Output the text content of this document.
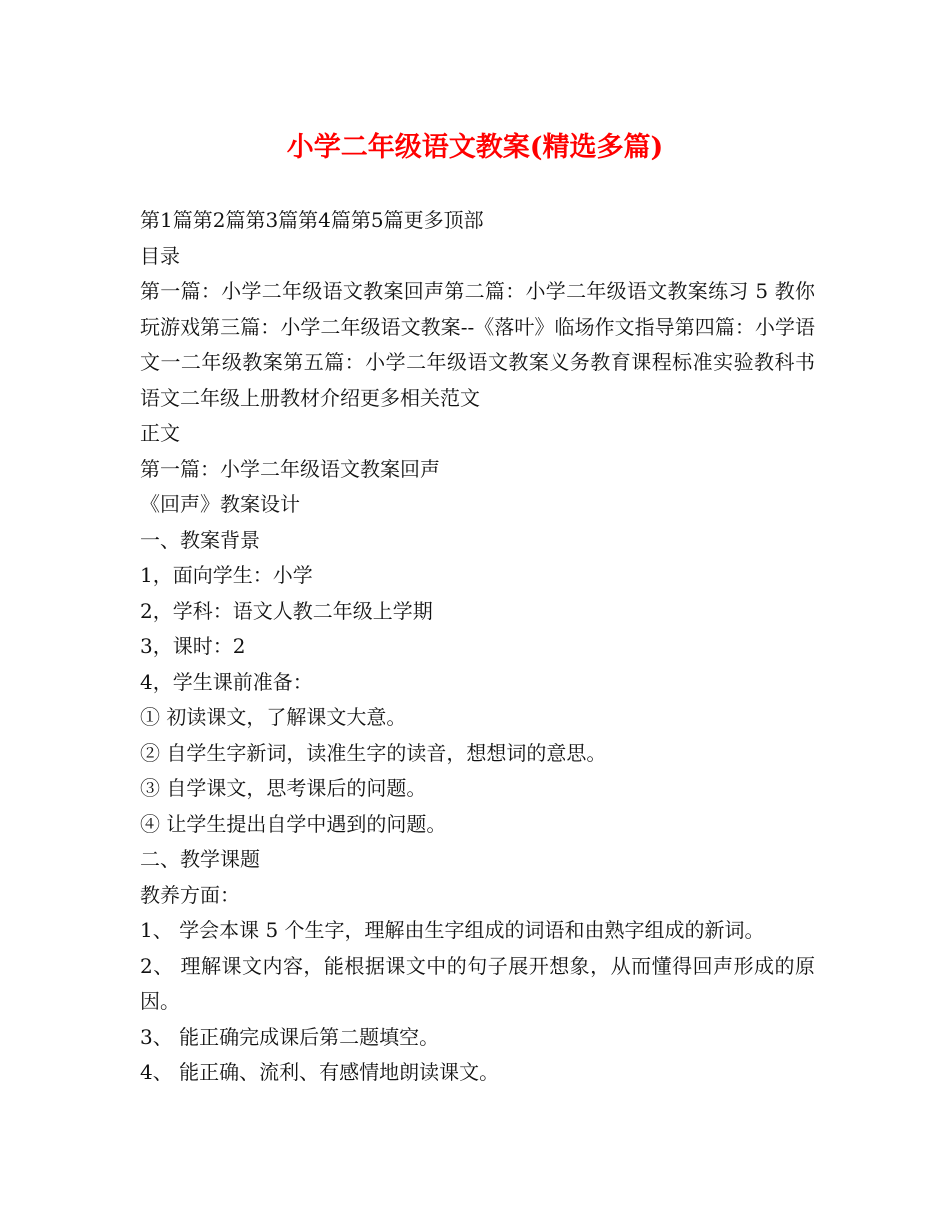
小学二年级语文教案(精选多篇)

第1篇第2篇第3篇第4篇第5篇更多顶部

目录

第一篇：小学二年级语文教案回声第二篇：小学二年级语文教案练习 5 教你玩游戏第三篇：小学二年级语文教案--《落叶》临场作文指导第四篇：小学语文一二年级教案第五篇：小学二年级语文教案义务教育课程标准实验教科书语文二年级上册教材介绍更多相关范文

正文

第一篇：小学二年级语文教案回声

《回声》教案设计

一、教案背景

1，面向学生：小学

2，学科：语文人教二年级上学期

3，课时：2

4，学生课前准备：

① 初读课文，了解课文大意。

② 自学生字新词，读准生字的读音，想想词的意思。

③ 自学课文，思考课后的问题。

④ 让学生提出自学中遇到的问题。

二、教学课题

教养方面：

1、 学会本课 5 个生字，理解由生字组成的词语和由熟字组成的新词。

2、 理解课文内容，能根据课文中的句子展开想象，从而懂得回声形成的原因。

3、 能正确完成课后第二题填空。

4、 能正确、流利、有感情地朗读课文。
